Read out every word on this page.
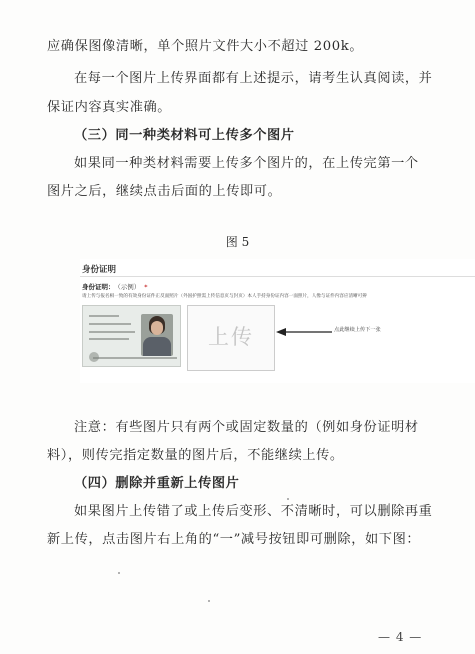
应确保图像清晰，单个照片文件大小不超过 200k。
在每一个图片上传界面都有上述提示，请考生认真阅读，并
保证内容真实准确。
（三）同一种类材料可上传多个图片
如果同一种类材料需要上传多个图片的，在上传完第一个
图片之后，继续点击后面的上传即可。
图 5
身份证明
身份证明： （示例） *
请上传与报名相一致的有效身份证件正反面照片（外国护照需上传信息页与封页）本人手持身份证内容一面照片，人像与证件内容应清晰可辨
上传	点此继续上传下一张
注意：有些图片只有两个或固定数量的（例如身份证明材
料），则传完指定数量的图片后，不能继续上传。
（四）删除并重新上传图片
如果图片上传错了或上传后变形、不清晰时，可以删除再重
新上传，点击图片右上角的“一”减号按钮即可删除，如下图：
— 4 —
